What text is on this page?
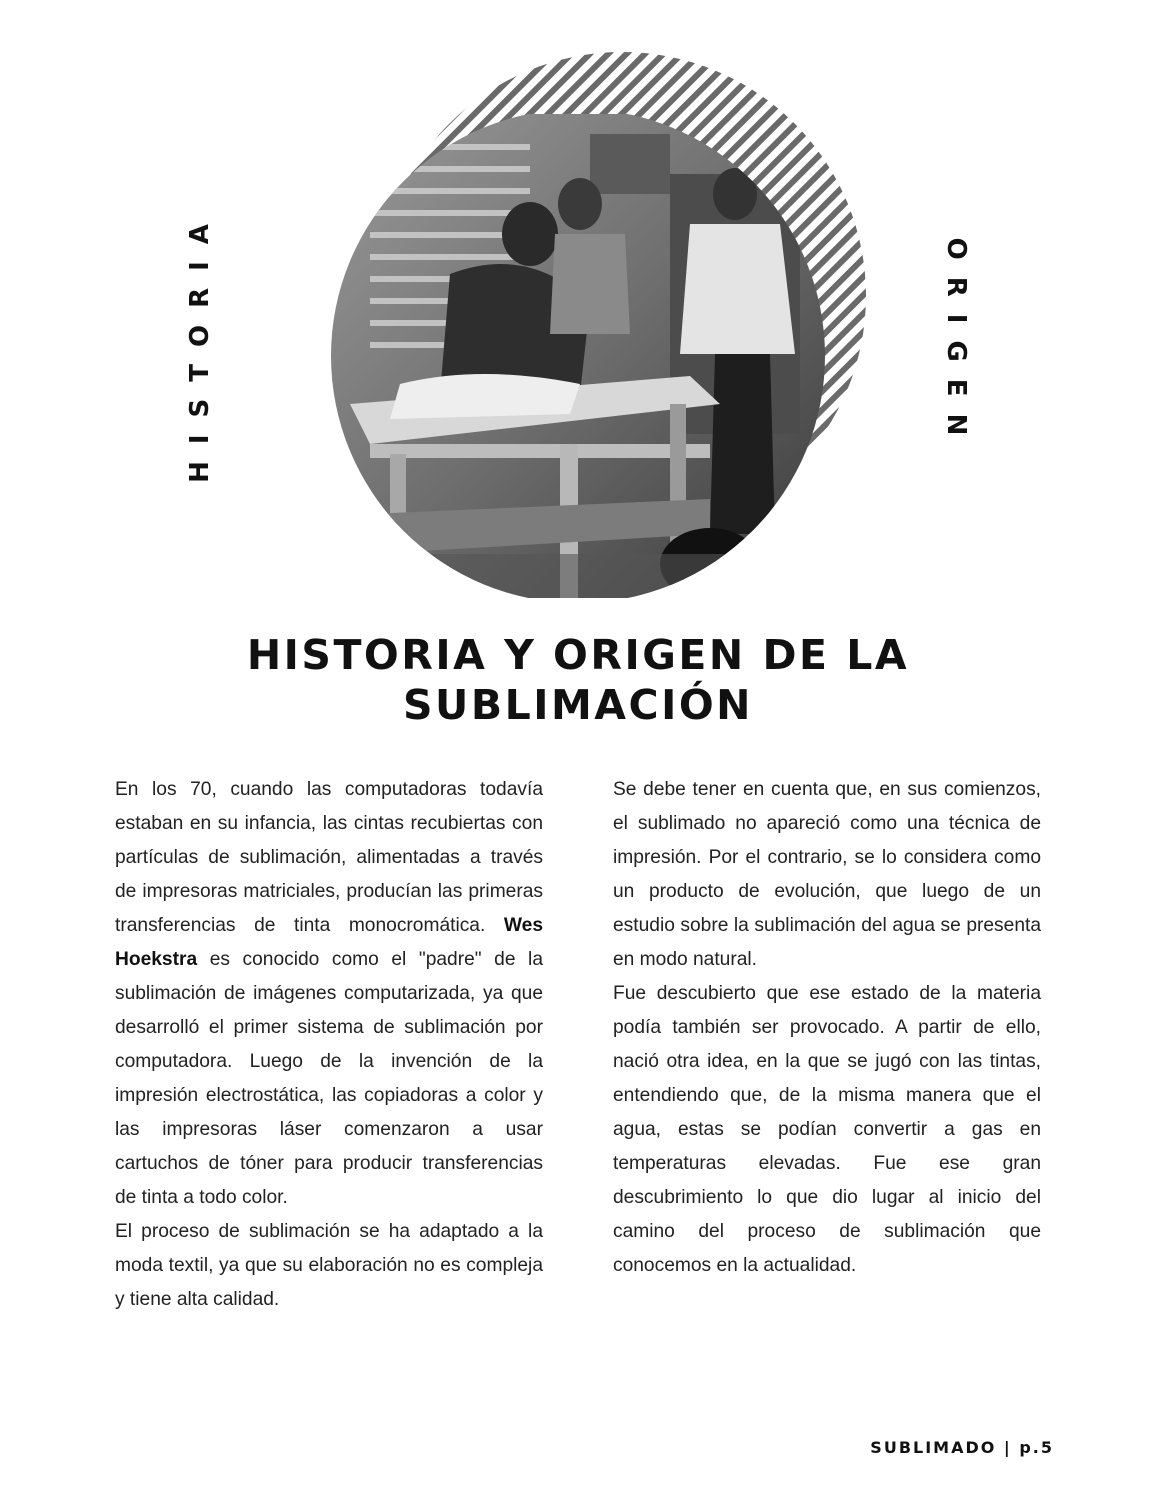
HISTORIA	ORIGEN
HISTORIA Y ORIGEN DE LA
SUBLIMACIÓN

En los 70, cuando las computadoras todavía estaban en su infancia, las cintas recubiertas con partículas de sublimación, alimentadas a través de impresoras matriciales, producían las primeras transferencias de tinta monocromática. Wes Hoekstra es conocido como el "padre" de la sublimación de imágenes computarizada, ya que desarrolló el primer sistema de sublimación por computadora. Luego de la invención de la impresión electrostática, las copiadoras a color y las impresoras láser comenzaron a usar cartuchos de tóner para producir transferencias de tinta a todo color.

El proceso de sublimación se ha adaptado a la moda textil, ya que su elaboración no es compleja y tiene alta calidad.

Se debe tener en cuenta que, en sus comienzos, el sublimado no apareció como una técnica de impresión. Por el contrario, se lo considera como un producto de evolución, que luego de un estudio sobre la sublimación del agua se presenta en modo natural.

Fue descubierto que ese estado de la materia podía también ser provocado. A partir de ello, nació otra idea, en la que se jugó con las tintas, entendiendo que, de la misma manera que el agua, estas se podían convertir a gas en temperaturas elevadas. Fue ese gran descubrimiento lo que dio lugar al inicio del camino del proceso de sublimación que conocemos en la actualidad.

SUBLIMADO | p.5
